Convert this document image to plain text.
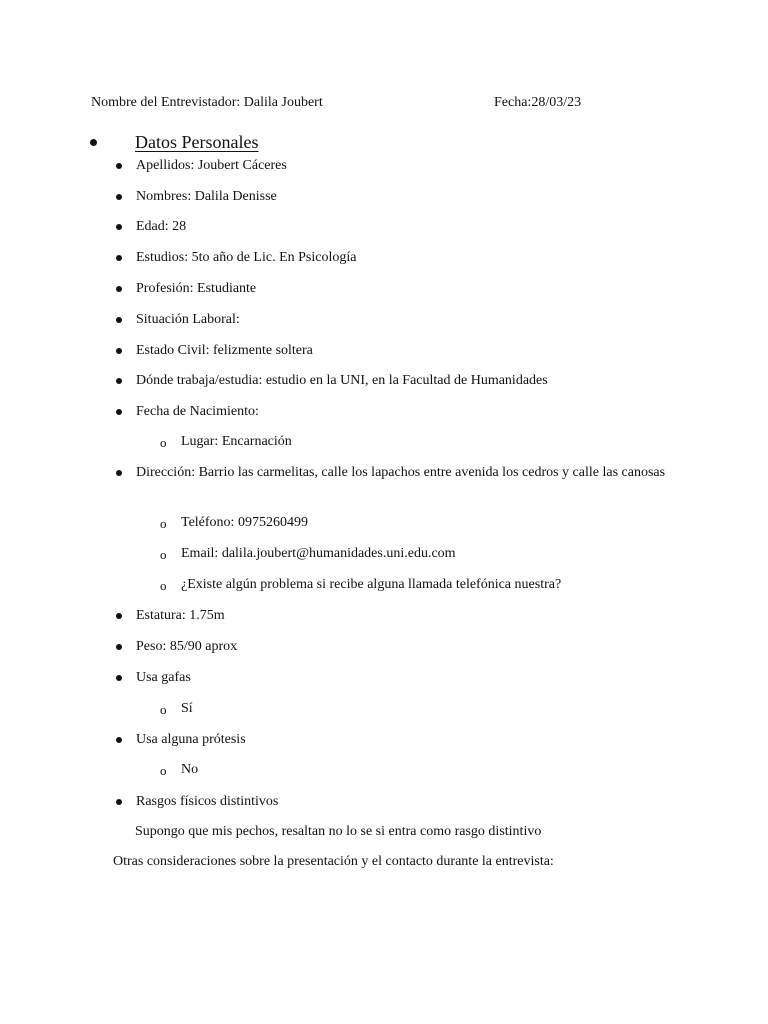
Nombre del Entrevistador: Dalila Joubert	Fecha:28/03/23
Datos Personales
Apellidos: Joubert Cáceres
Nombres: Dalila Denisse
Edad: 28
Estudios: 5to año de Lic. En Psicología
Profesión: Estudiante
Situación Laboral:
Estado Civil: felizmente soltera
Dónde trabaja/estudia: estudio en la UNI, en la Facultad de Humanidades
Fecha de Nacimiento:
o Lugar: Encarnación
Dirección: Barrio las carmelitas, calle los lapachos entre avenida los cedros y calle las canosas
o Teléfono: 0975260499
o Email: dalila.joubert@humanidades.uni.edu.com
o ¿Existe algún problema si recibe alguna llamada telefónica nuestra?
Estatura: 1.75m
Peso: 85/90 aprox
Usa gafas
o Sí
Usa alguna prótesis
o No
Rasgos físicos distintivos
Supongo que mis pechos, resaltan no lo se si entra como rasgo distintivo
Otras consideraciones sobre la presentación y el contacto durante la entrevista:
